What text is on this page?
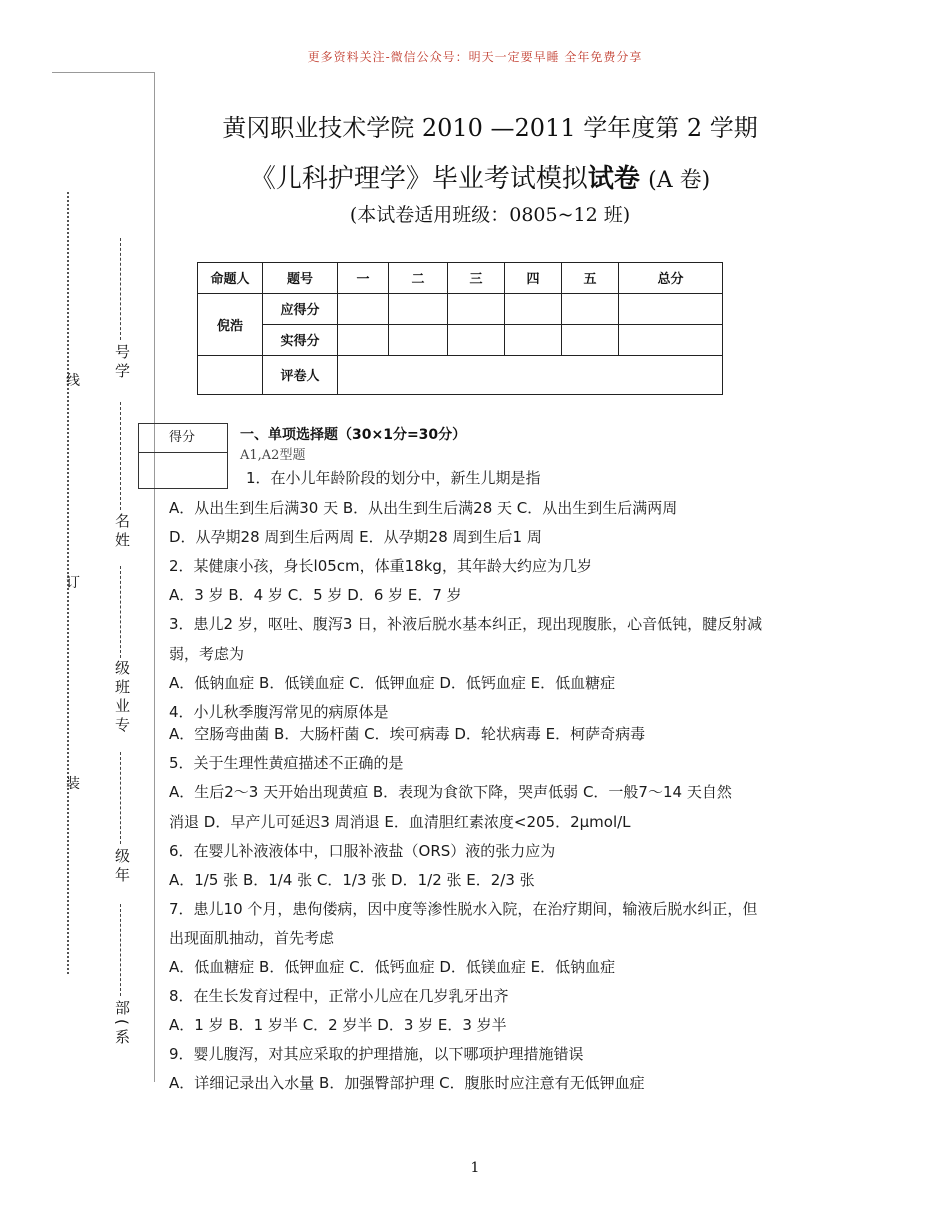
更多资料关注-微信公众号：明天一定要早睡 全年免费分享
黄冈职业技术学院 2010 —2011 学年度第 2 学期
《儿科护理学》毕业考试模拟试卷 (A 卷)
(本试卷适用班级：0805~12 班)
线
订
装
号学
名姓
级班业专
级年
部(系
命题人	题号	一	二	三	四	五	总分
倪浩	应得分						
	实得分						
	评卷人						
得分	一、单项选择题（30×1分=30分）
A1,A2型题
1．在小儿年龄阶段的划分中，新生儿期是指
A．从出生到生后满30 天 B．从出生到生后满28 天 C．从出生到生后满两周
D．从孕期28 周到生后两周 E．从孕期28 周到生后1 周
2．某健康小孩，身长l05cm，体重18kg，其年龄大约应为几岁
A．3 岁 B．4 岁 C．5 岁 D．6 岁 E．7 岁
3．患儿2 岁，呕吐、腹泻3 日，补液后脱水基本纠正，现出现腹胀，心音低钝，腱反射减
弱，考虑为
A．低钠血症 B．低镁血症 C．低钾血症 D．低钙血症 E．低血糖症
4．小儿秋季腹泻常见的病原体是
A．空肠弯曲菌 B．大肠杆菌 C．埃可病毒 D．轮状病毒 E．柯萨奇病毒
5．关于生理性黄疸描述不正确的是
A．生后2～3 天开始出现黄疸 B．表现为食欲下降，哭声低弱 C．一般7～14 天自然
消退 D．早产儿可延迟3 周消退 E．血清胆红素浓度<205．2μmol/L
6．在婴儿补液液体中，口服补液盐（ORS）液的张力应为
A．1/5 张 B．1/4 张 C．1/3 张 D．1/2 张 E．2/3 张
7．患儿10 个月，患佝偻病，因中度等渗性脱水入院，在治疗期间，输液后脱水纠正，但
出现面肌抽动，首先考虑
A．低血糖症 B．低钾血症 C．低钙血症 D．低镁血症 E．低钠血症
8．在生长发育过程中，正常小儿应在几岁乳牙出齐
A．1 岁 B．1 岁半 C．2 岁半 D．3 岁 E．3 岁半
9．婴儿腹泻，对其应采取的护理措施，以下哪项护理措施错误
A．详细记录出入水量 B．加强臀部护理 C．腹胀时应注意有无低钾血症
1
